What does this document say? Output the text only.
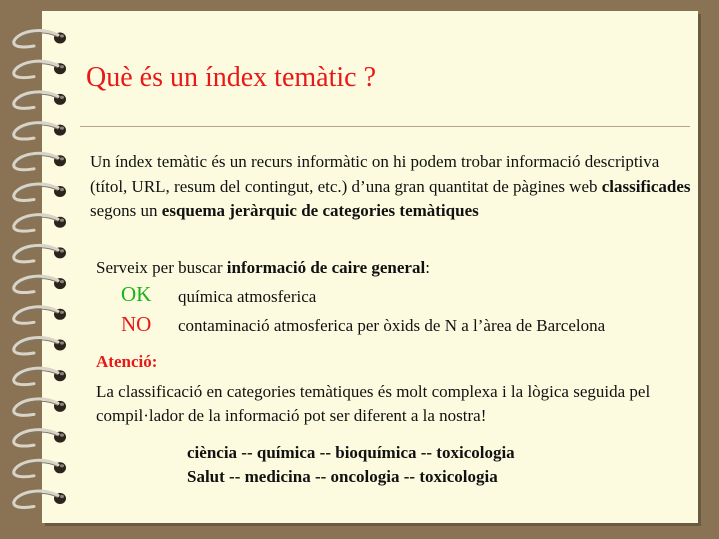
Què és un índex temàtic ?
Un índex temàtic és un recurs informàtic on hi podem trobar informació descriptiva (títol, URL, resum del contingut, etc.) d’una gran quantitat de pàgines web classificades segons un esquema jeràrquic de categories temàtiques
Serveix per buscar informació de caire general:
OK química atmosferica
NO contaminació atmosferica per òxids de N a l’àrea de Barcelona
Atenció:
La classificació en categories temàtiques és molt complexa i la lògica seguida pel compil·lador de la informació pot ser diferent a la nostra!
ciència -- química -- bioquímica -- toxicologia
Salut -- medicina -- oncologia -- toxicologia
